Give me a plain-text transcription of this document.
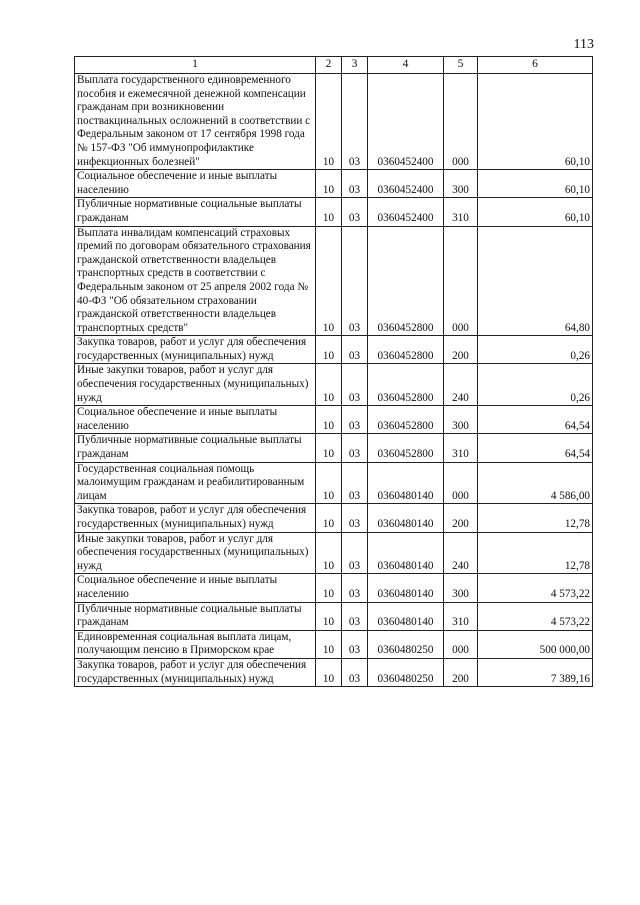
113
1	2	3	4	5	6
Выплата государственного единовременного пособия и ежемесячной денежной компенсации гражданам при возникновении поствакцинальных осложнений в соответствии с Федеральным законом от 17 сентября 1998 года № 157-ФЗ "Об иммунопрофилактике инфекционных болезней"	10	03	0360452400	000	60,10
Социальное обеспечение и иные выплаты населению	10	03	0360452400	300	60,10
Публичные нормативные социальные выплаты гражданам	10	03	0360452400	310	60,10
Выплата инвалидам компенсаций страховых премий по договорам обязательного страхования гражданской ответственности владельцев транспортных средств в соответствии с Федеральным законом от 25 апреля 2002 года № 40-ФЗ "Об обязательном страховании гражданской ответственности владельцев транспортных средств"	10	03	0360452800	000	64,80
Закупка товаров, работ и услуг для обеспечения государственных (муниципальных) нужд	10	03	0360452800	200	0,26
Иные закупки товаров, работ и услуг для обеспечения государственных (муниципальных) нужд	10	03	0360452800	240	0,26
Социальное обеспечение и иные выплаты населению	10	03	0360452800	300	64,54
Публичные нормативные социальные выплаты гражданам	10	03	0360452800	310	64,54
Государственная социальная помощь малоимущим гражданам и реабилитированным лицам	10	03	0360480140	000	4 586,00
Закупка товаров, работ и услуг для обеспечения государственных (муниципальных) нужд	10	03	0360480140	200	12,78
Иные закупки товаров, работ и услуг для обеспечения государственных (муниципальных) нужд	10	03	0360480140	240	12,78
Социальное обеспечение и иные выплаты населению	10	03	0360480140	300	4 573,22
Публичные нормативные социальные выплаты гражданам	10	03	0360480140	310	4 573,22
Единовременная социальная выплата лицам, получающим пенсию в Приморском крае	10	03	0360480250	000	500 000,00
Закупка товаров, работ и услуг для обеспечения государственных (муниципальных) нужд	10	03	0360480250	200	7 389,16
